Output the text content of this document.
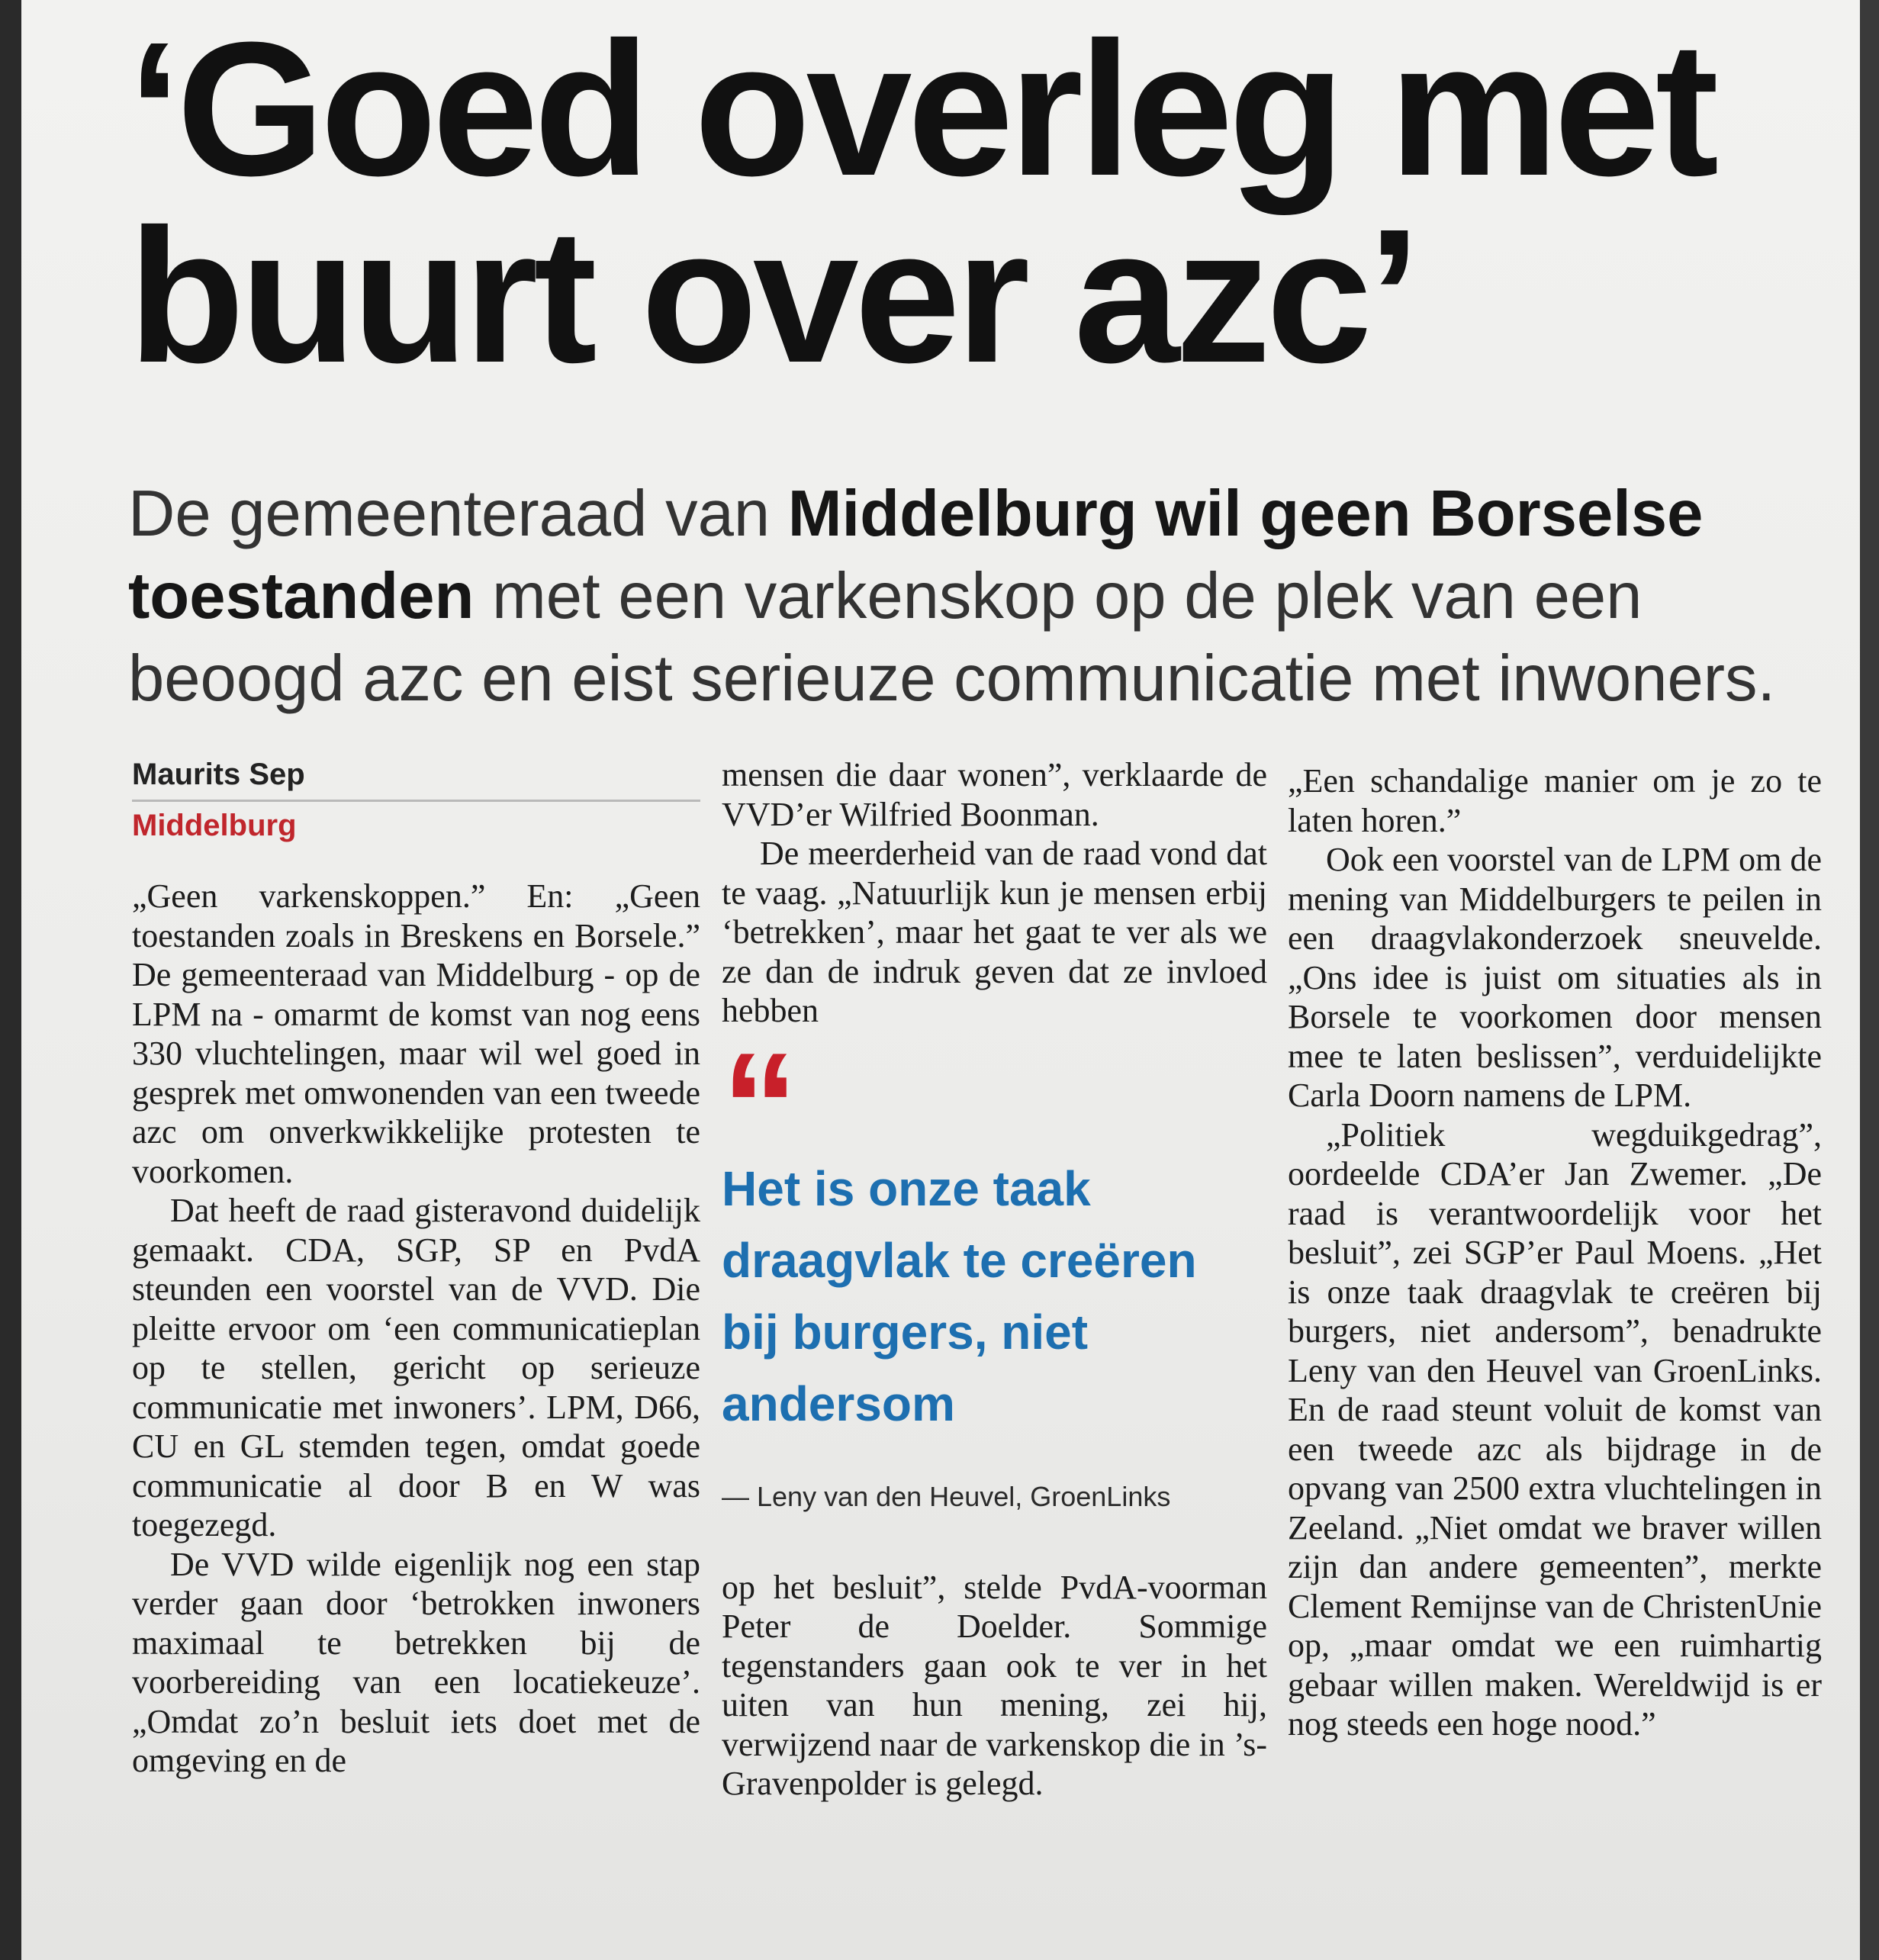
‘Goed overleg met buurt over azc’

De gemeenteraad van Middelburg wil geen Borselse toestanden met een varkenskop op de plek van een beoogd azc en eist serieuze communicatie met inwoners.

Maurits Sep
Middelburg

„Geen varkenskoppen.” En: „Geen toestanden zoals in Breskens en Borsele.” De gemeenteraad van Middelburg - op de LPM na - omarmt de komst van nog eens 330 vluchtelingen, maar wil wel goed in gesprek met omwonenden van een tweede azc om onverkwikkelijke protesten te voorkomen.

Dat heeft de raad gisteravond duidelijk gemaakt. CDA, SGP, SP en PvdA steunden een voorstel van de VVD. Die pleitte ervoor om ‘een communicatieplan op te stellen, gericht op serieuze communicatie met inwoners’. LPM, D66, CU en GL stemden tegen, omdat goede communicatie al door B en W was toegezegd.

De VVD wilde eigenlijk nog een stap verder gaan door ‘betrokken inwoners maximaal te betrekken bij de voorbereiding van een locatiekeuze’. „Omdat zo’n besluit iets doet met de omgeving en de

mensen die daar wonen”, verklaarde de VVD’er Wilfried Boonman.

De meerderheid van de raad vond dat te vaag. „Natuurlijk kun je mensen erbij ‘betrekken’, maar het gaat te ver als we ze dan de indruk geven dat ze invloed hebben

“
Het is onze taak draagvlak te creëren bij burgers, niet andersom
— Leny van den Heuvel, GroenLinks

op het besluit”, stelde PvdA-voorman Peter de Doelder. Sommige tegenstanders gaan ook te ver in het uiten van hun mening, zei hij, verwijzend naar de varkenskop die in ’s-Gravenpolder is gelegd.

„Een schandalige manier om je zo te laten horen.”

Ook een voorstel van de LPM om de mening van Middelburgers te peilen in een draagvlakonderzoek sneuvelde. „Ons idee is juist om situaties als in Borsele te voorkomen door mensen mee te laten beslissen”, verduidelijkte Carla Doorn namens de LPM.

„Politiek wegduikgedrag”, oordeelde CDA’er Jan Zwemer. „De raad is verantwoordelijk voor het besluit”, zei SGP’er Paul Moens. „Het is onze taak draagvlak te creëren bij burgers, niet andersom”, benadrukte Leny van den Heuvel van GroenLinks. En de raad steunt voluit de komst van een tweede azc als bijdrage in de opvang van 2500 extra vluchtelingen in Zeeland. „Niet omdat we braver willen zijn dan andere gemeenten”, merkte Clement Remijnse van de ChristenUnie op, „maar omdat we een ruimhartig gebaar willen maken. Wereldwijd is er nog steeds een hoge nood.”
